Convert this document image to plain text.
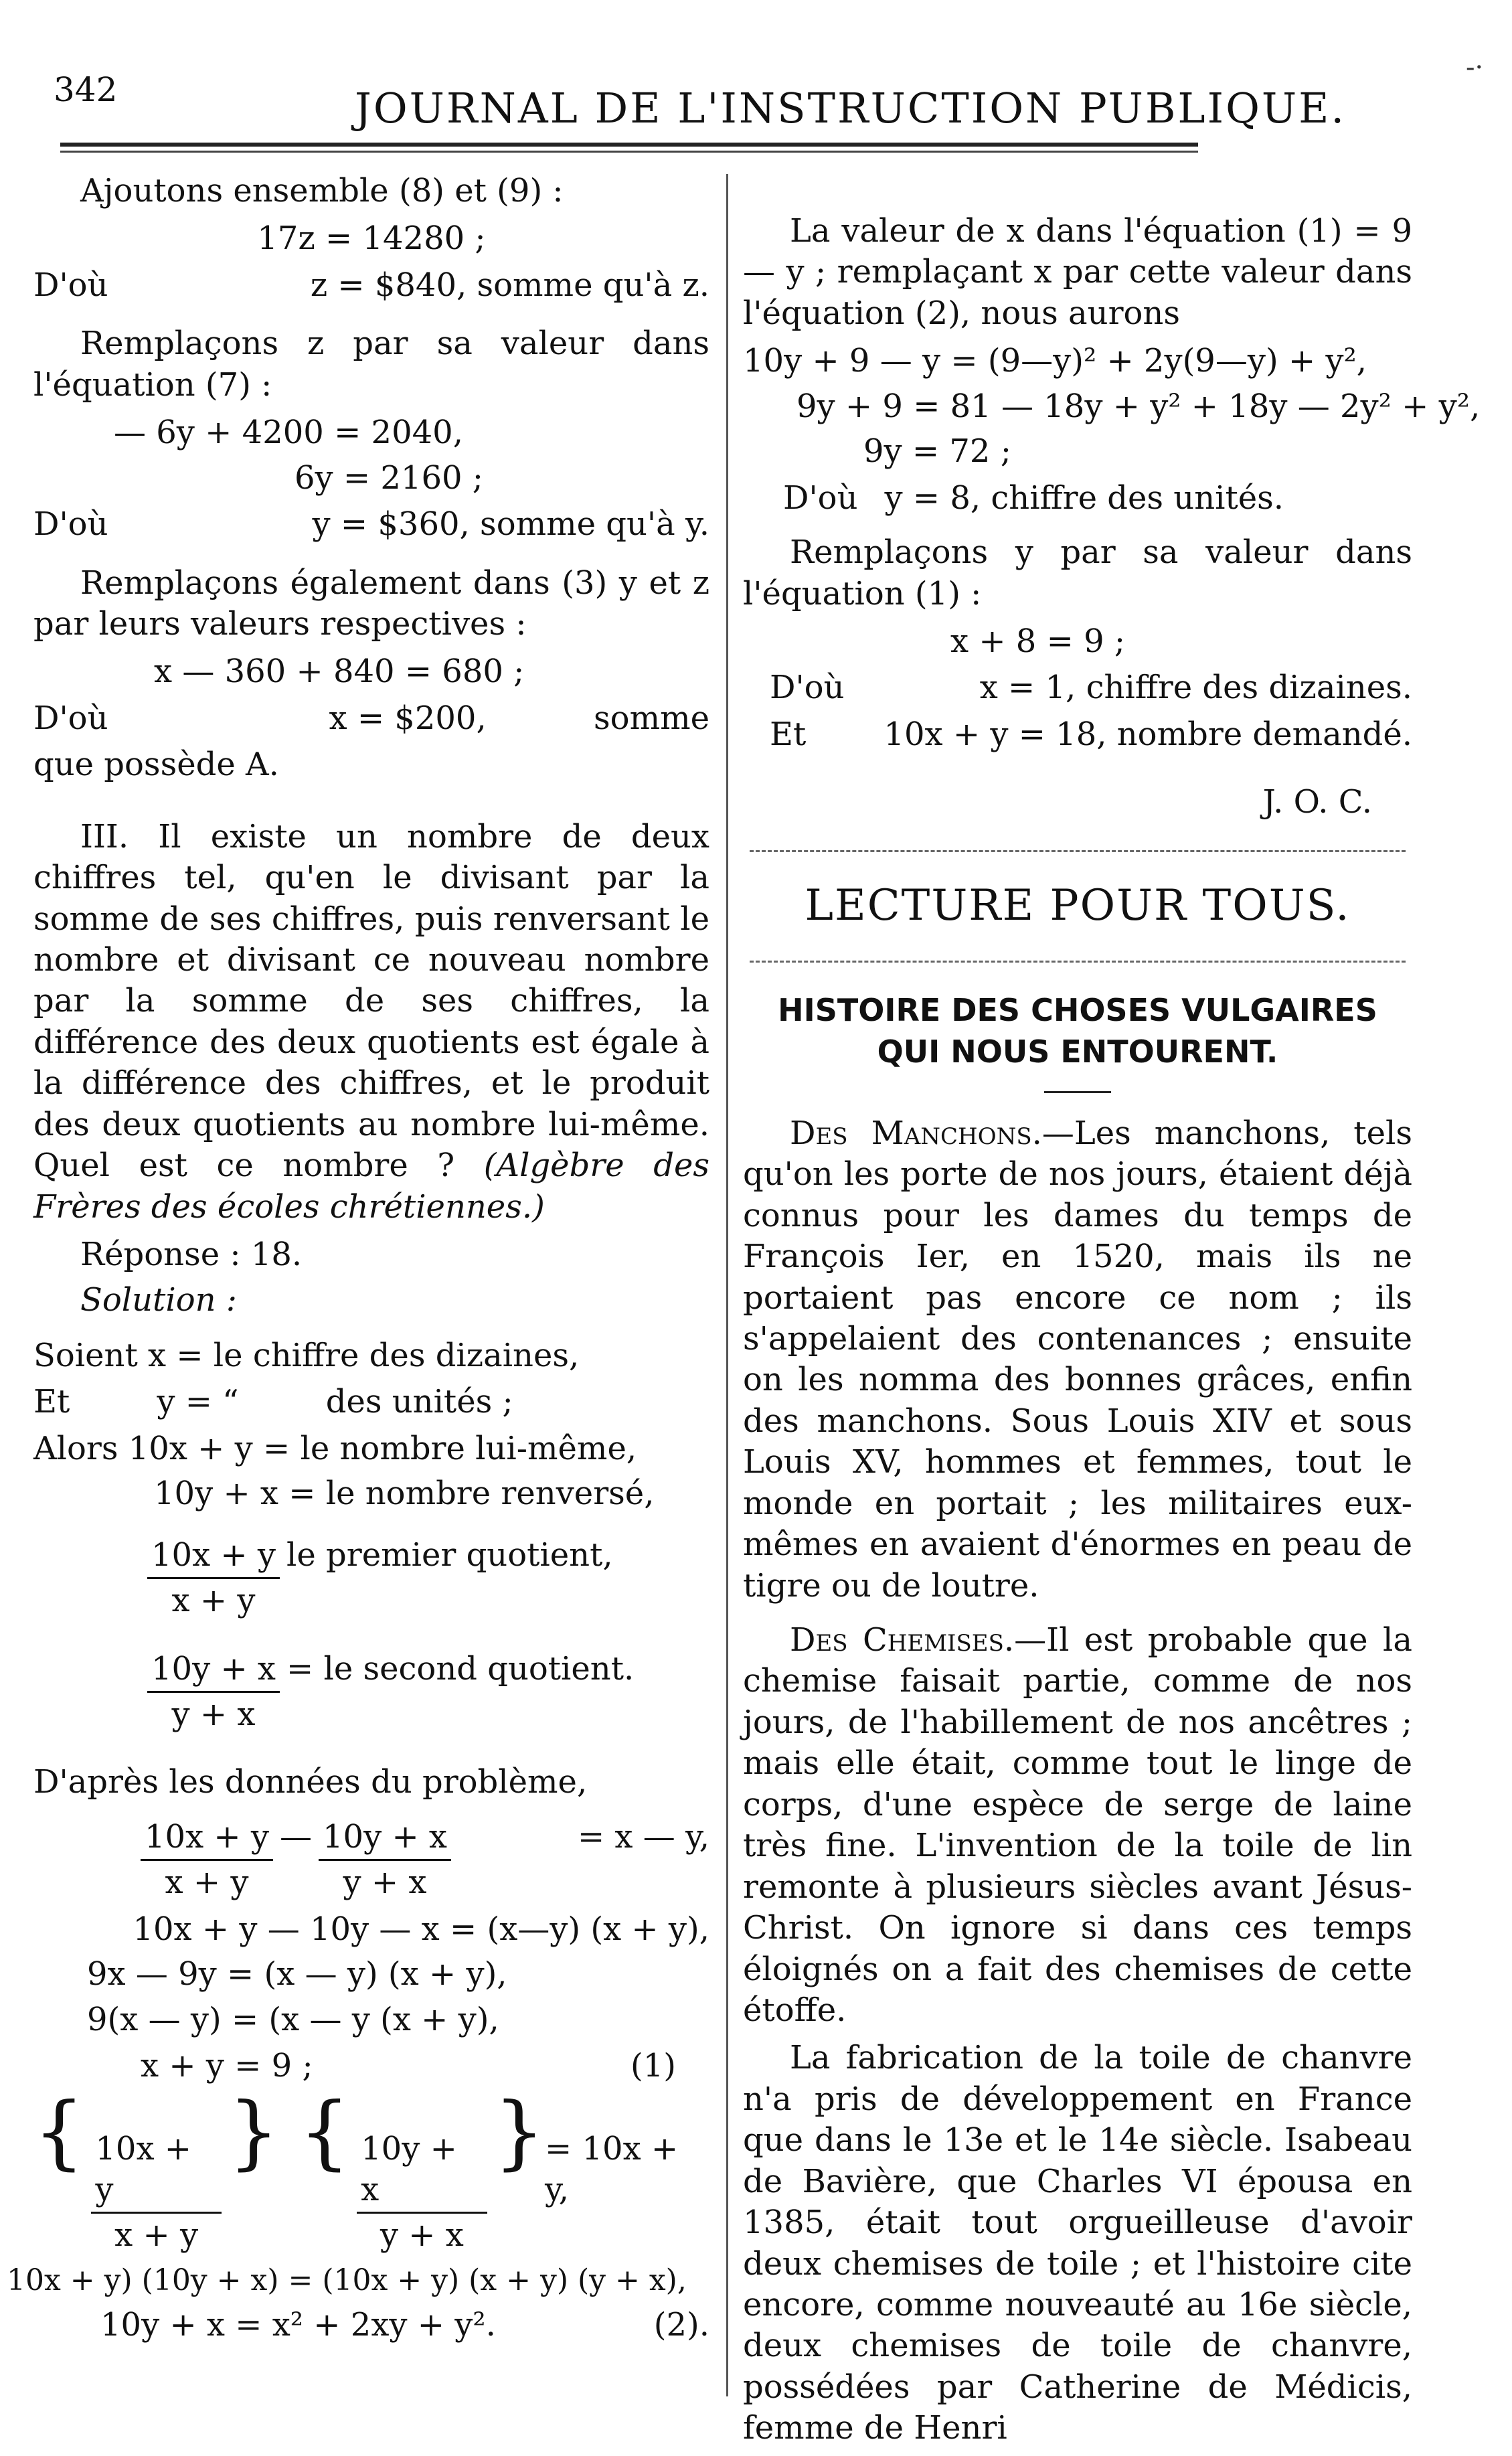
342	JOURNAL DE L'INSTRUCTION PUBLIQUE.
-·

Ajoutons ensemble (8) et (9) :

17z = 14280 ;
D'où	z = $840, somme qu'à z.

Remplaçons z par sa valeur dans l'équation (7) :

— 6y + 4200 = 2040,
6y = 2160 ;
D'où	y = $360, somme qu'à y.

Remplaçons également dans (3) y et z par leurs valeurs respectives :

x — 360 + 840 = 680 ;
D'où	x = $200,	somme
que possède A.

III. Il existe un nombre de deux chiffres tel, qu'en le divisant par la somme de ses chiffres, puis renversant le nombre et divisant ce nouveau nombre par la somme de ses chiffres, la différence des deux quotients est égale à la différence des chiffres, et le produit des deux quotients au nombre lui-même. Quel est ce nombre ? (Algèbre des Frères des écoles chrétiennes.)

Réponse : 18.
Solution :
Soient x = le chiffre des dizaines,
Et	y = “	des unités ;
Alors 10x + y = le nombre lui-même,
10y + x = le nombre renversé,
$\frac{10x + y}{x + y}$ le premier quotient,
$\frac{10y + x}{y + x}$ = le second quotient.
D'après les données du problème,
$\frac{10x + y}{x + y}$ — $\frac{10y + x}{y + x}$	= x — y,
10x + y — 10y — x = (x—y) (x + y),
9x — 9y = (x — y) (x + y),
9(x — y) = (x — y (x + y),
x + y = 9 ;	(1)
{ $\frac{10x + y}{x + y}$ } { $\frac{10y + x}{y + x}$ } = 10x + y,
10x + y) (10y + x) = (10x + y) (x + y) (y + x),
10y + x = x² + 2xy + y².	(2).

La valeur de x dans l'équation (1) = 9 — y ; remplaçant x par cette valeur dans l'équation (2), nous aurons

10y + 9 — y = (9—y)² + 2y(9—y) + y²,
9y + 9 = 81 — 18y + y² + 18y — 2y² + y²,
9y = 72 ;
D'où y = 8, chiffre des unités.

Remplaçons y par sa valeur dans l'équation (1) :

x + 8 = 9 ;
D'où	x = 1, chiffre des dizaines.
Et 10x + y = 18, nombre demandé.
J. O. C.
LECTURE POUR TOUS.
HISTOIRE DES CHOSES VULGAIRES
QUI NOUS ENTOURENT.

Des Manchons.—Les manchons, tels qu'on les porte de nos jours, étaient déjà connus pour les dames du temps de François Ier, en 1520, mais ils ne portaient pas encore ce nom ; ils s'appelaient des contenances ; ensuite on les nomma des bonnes grâces, enfin des manchons. Sous Louis XIV et sous Louis XV, hommes et femmes, tout le monde en portait ; les militaires eux-mêmes en avaient d'énormes en peau de tigre ou de loutre.

Des Chemises.—Il est probable que la chemise faisait partie, comme de nos jours, de l'habillement de nos ancêtres ; mais elle était, comme tout le linge de corps, d'une espèce de serge de laine très fine. L'invention de la toile de lin remonte à plusieurs siècles avant Jésus-Christ. On ignore si dans ces temps éloignés on a fait des chemises de cette étoffe.

La fabrication de la toile de chanvre n'a pris de développement en France que dans le 13e et le 14e siècle. Isabeau de Bavière, que Charles VI épousa en 1385, était tout orgueilleuse d'avoir deux chemises de toile ; et l'histoire cite encore, comme nouveauté au 16e siècle, deux chemises de toile de chanvre, possédées par Catherine de Médicis, femme de Henri
